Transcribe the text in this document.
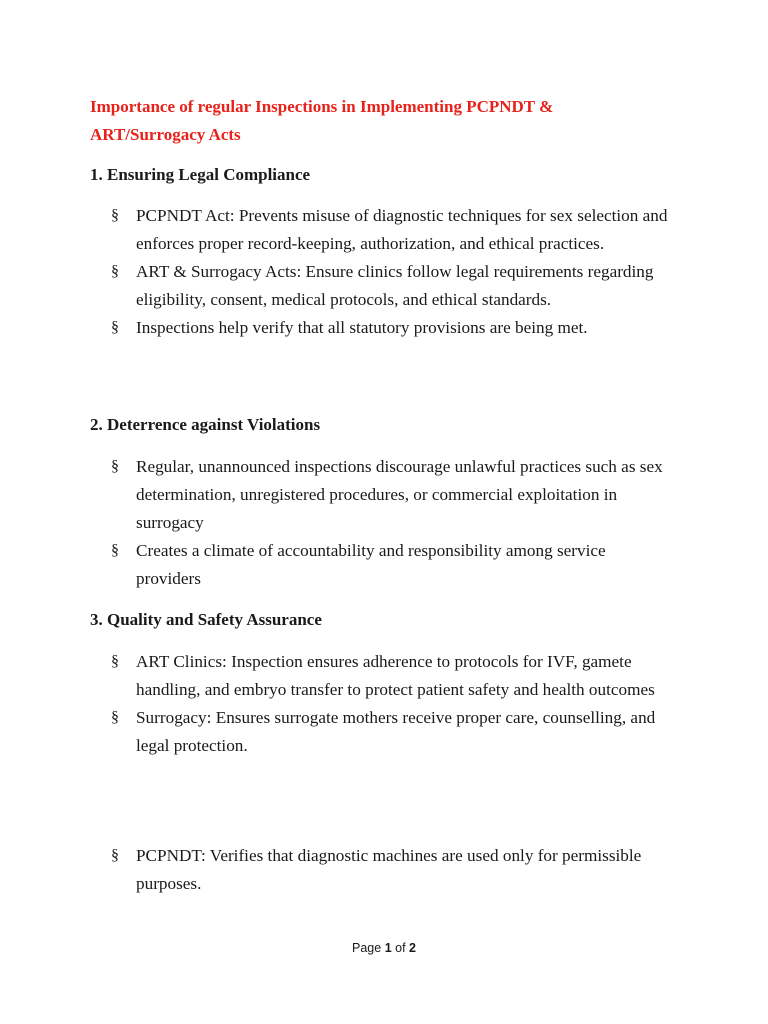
Importance of regular Inspections in Implementing PCPNDT & ART/Surrogacy Acts
1. Ensuring Legal Compliance
§ PCPNDT Act: Prevents misuse of diagnostic techniques for sex selection and enforces proper record-keeping, authorization, and ethical practices.
§ ART & Surrogacy Acts: Ensure clinics follow legal requirements regarding eligibility, consent, medical protocols, and ethical standards.
§ Inspections help verify that all statutory provisions are being met.
2. Deterrence against Violations
§ Regular, unannounced inspections discourage unlawful practices such as sex determination, unregistered procedures, or commercial exploitation in surrogacy
§ Creates a climate of accountability and responsibility among service providers
3. Quality and Safety Assurance
§ ART Clinics: Inspection ensures adherence to protocols for IVF, gamete handling, and embryo transfer to protect patient safety and health outcomes
§ Surrogacy: Ensures surrogate mothers receive proper care, counselling, and legal protection.
§ PCPNDT: Verifies that diagnostic machines are used only for permissible purposes.
Page 1 of 2
